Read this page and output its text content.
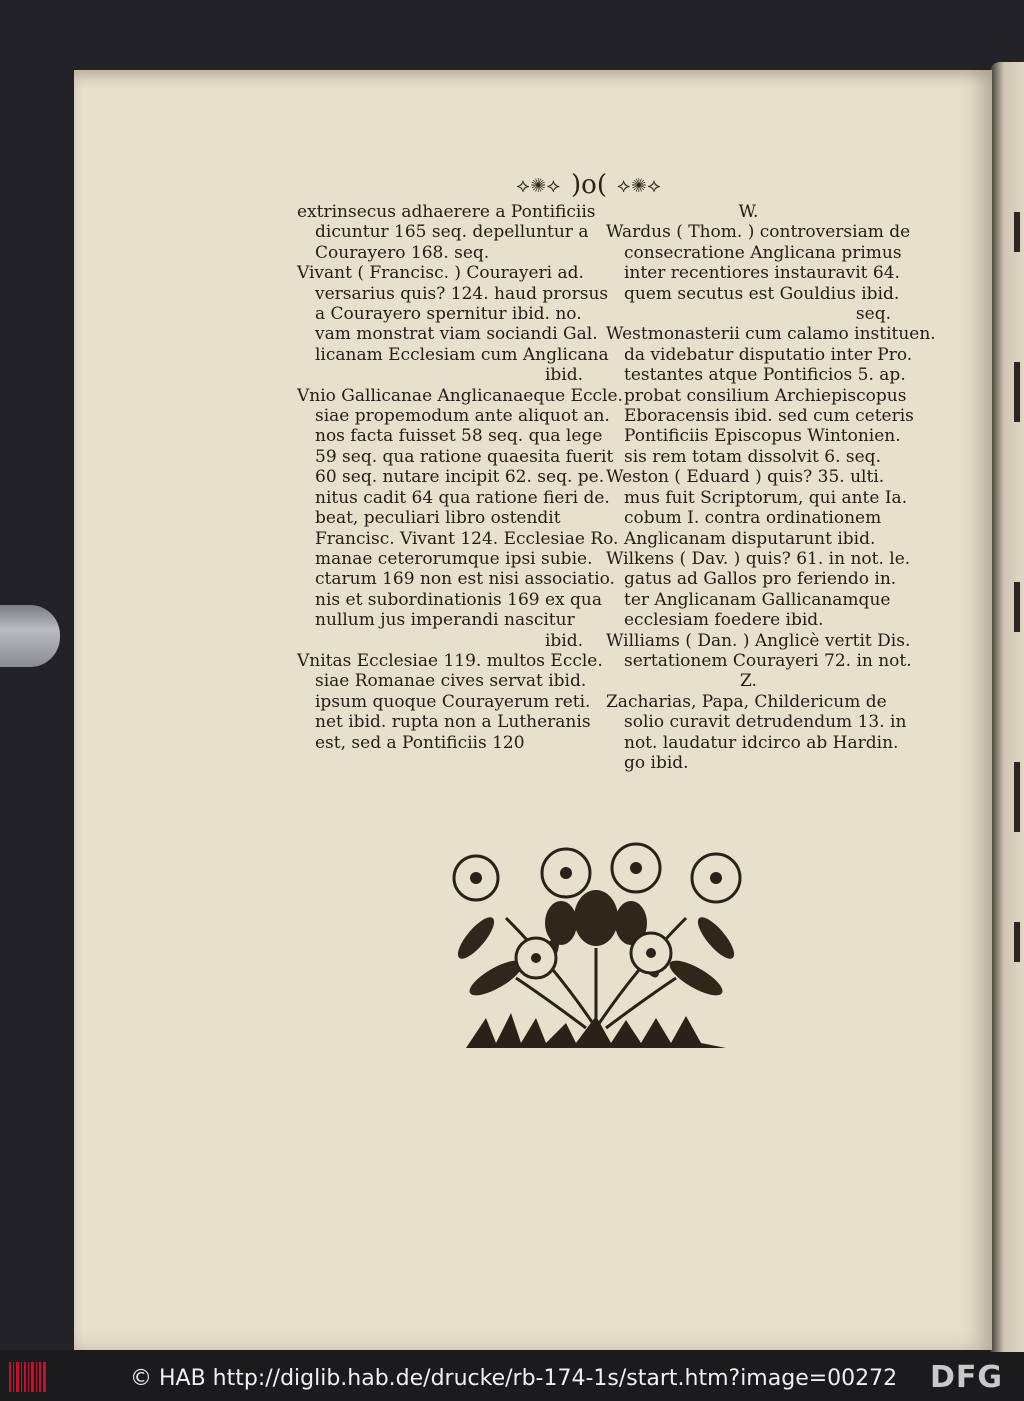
⟡✺⟡ )o( ⟡✺⟡
extrinsecus adhaerere a Pontificiis
dicuntur 165 seq. depelluntur a
Courayero 168. seq.
Vivant ( Francisc. ) Courayeri ad.
versarius quis? 124. haud prorsus
a Courayero spernitur ibid. no.
vam monstrat viam sociandi Gal.
licanam Ecclesiam cum Anglicana
ibid.
Vnio Gallicanae Anglicanaeque Eccle.
siae propemodum ante aliquot an.
nos facta fuisset 58 seq. qua lege
59 seq. qua ratione quaesita fuerit
60 seq. nutare incipit 62. seq. pe.
nitus cadit 64 qua ratione fieri de.
beat, peculiari libro ostendit
Francisc. Vivant 124. Ecclesiae Ro.
manae ceterorumque ipsi subie.
ctarum 169 non est nisi associatio.
nis et subordinationis 169 ex qua
nullum jus imperandi nascitur
ibid.
Vnitas Ecclesiae 119. multos Eccle.
siae Romanae cives servat ibid.
ipsum quoque Courayerum reti.
net ibid. rupta non a Lutheranis
est, sed a Pontificiis 120
W.
Wardus ( Thom. ) controversiam de
consecratione Anglicana primus
inter recentiores instauravit 64.
quem secutus est Gouldius ibid.
seq.
Westmonasterii cum calamo instituen.
da videbatur disputatio inter Pro.
testantes atque Pontificios 5. ap.
probat consilium Archiepiscopus
Eboracensis ibid. sed cum ceteris
Pontificiis Episcopus Wintonien.
sis rem totam dissolvit 6. seq.
Weston ( Eduard ) quis? 35. ulti.
mus fuit Scriptorum, qui ante Ia.
cobum I. contra ordinationem
Anglicanam disputarunt ibid.
Wilkens ( Dav. ) quis? 61. in not. le.
gatus ad Gallos pro feriendo in.
ter Anglicanam Gallicanamque
ecclesiam foedere ibid.
Williams ( Dan. ) Anglicè vertit Dis.
sertationem Courayeri 72. in not.
Z.
Zacharias, Papa, Childericum de
solio curavit detrudendum 13. in
not. laudatur idcirco ab Hardin.
go ibid.
© HAB http://diglib.hab.de/drucke/rb-174-1s/start.htm?image=00272 DFG
